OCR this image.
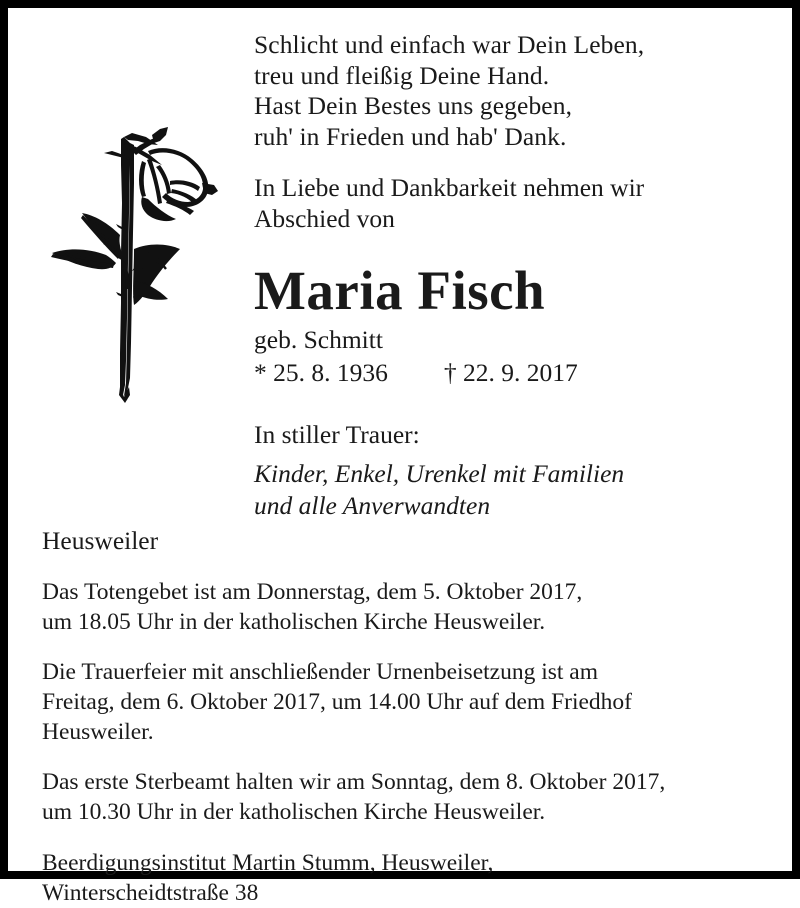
Schlicht und einfach war Dein Leben,
treu und fleißig Deine Hand.
Hast Dein Bestes uns gegeben,
ruh' in Frieden und hab' Dank.
In Liebe und Dankbarkeit nehmen wir
Abschied von
Maria Fisch
geb. Schmitt
* 25. 8. 1936 † 22. 9. 2017
In stiller Trauer:
Kinder, Enkel, Urenkel mit Familien
und alle Anverwandten
Heusweiler
Das Totengebet ist am Donnerstag, dem 5. Oktober 2017,
um 18.05 Uhr in der katholischen Kirche Heusweiler.
Die Trauerfeier mit anschließender Urnenbeisetzung ist am
Freitag, dem 6. Oktober 2017, um 14.00 Uhr auf dem Friedhof
Heusweiler.
Das erste Sterbeamt halten wir am Sonntag, dem 8. Oktober 2017,
um 10.30 Uhr in der katholischen Kirche Heusweiler.
Beerdigungsinstitut Martin Stumm, Heusweiler,
Winterscheidtstraße 38
